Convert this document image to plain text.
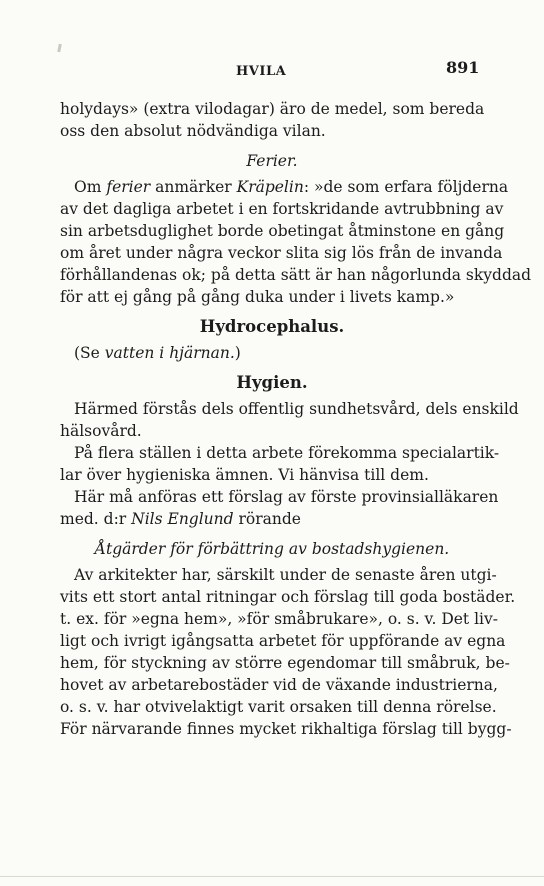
HVILA	891
holydays» (extra vilodagar) äro de medel, som bereda
oss den absolut nödvändiga vilan.
Ferier.
Om ferier anmärker Kräpelin: »de som erfara följderna
av det dagliga arbetet i en fortskridande avtrubbning av
sin arbetsduglighet borde obetingat åtminstone en gång
om året under några veckor slita sig lös från de invanda
förhållandenas ok; på detta sätt är han någorlunda skyddad
för att ej gång på gång duka under i livets kamp.»
Hydrocephalus.
(Se vatten i hjärnan.)
Hygien.
Härmed förstås dels offentlig sundhetsvård, dels enskild
hälsovård.
På flera ställen i detta arbete förekomma specialartik-
lar över hygieniska ämnen. Vi hänvisa till dem.
Här må anföras ett förslag av förste provinsialläkaren
med. d:r Nils Englund rörande
Åtgärder för förbättring av bostadshygienen.
Av arkitekter har, särskilt under de senaste åren utgi-
vits ett stort antal ritningar och förslag till goda bostäder.
t. ex. för »egna hem», »för småbrukare», o. s. v. Det liv-
ligt och ivrigt igångsatta arbetet för uppförande av egna
hem, för styckning av större egendomar till småbruk, be-
hovet av arbetarebostäder vid de växande industrierna,
o. s. v. har otvivelaktigt varit orsaken till denna rörelse.
För närvarande finnes mycket rikhaltiga förslag till bygg-
